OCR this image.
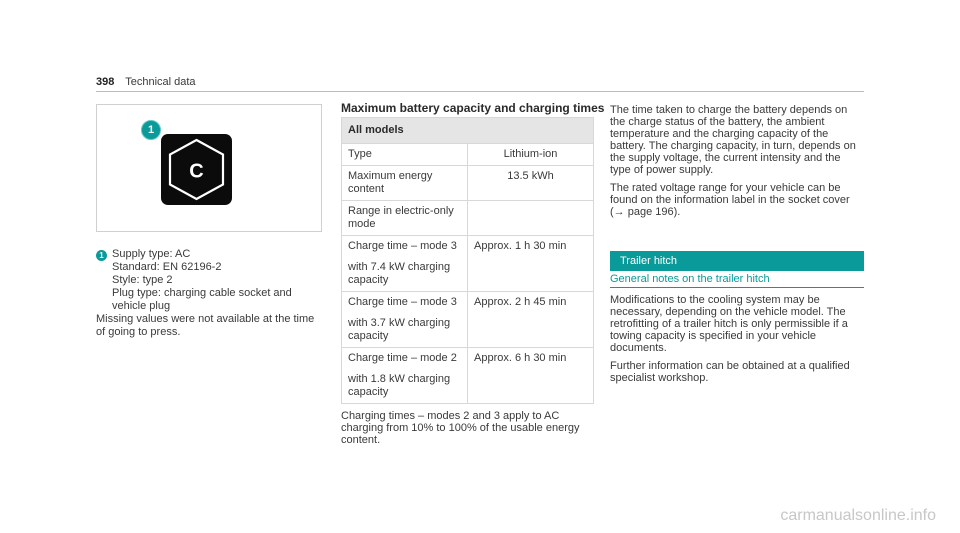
398 Technical data
1
C
1 Supply type: AC

Standard: EN 62196-2

Style: type 2

Plug type: charging cable socket and vehicle plug

Missing values were not available at the time of going to press.

Maximum battery capacity and charging times
All models	
Type	Lithium-ion
Maximum energy content	13.5 kWh
Range in electric-only mode	

Charge time – mode 3

with 7.4 kW charging capacity	Approx. 1 h 30 min

Charge time – mode 3

with 3.7 kW charging capacity	Approx. 2 h 45 min

Charge time – mode 2

with 1.8 kW charging capacity	Approx. 6 h 30 min

Charging times – modes 2 and 3 apply to AC charging from 10% to 100% of the usable energy content.

The time taken to charge the battery depends on the charge status of the battery, the ambient temperature and the charging capacity of the battery. The charging capacity, in turn, depends on the supply voltage, the current intensity and the type of power supply.

The rated voltage range for your vehicle can be found on the information label in the socket cover (→ page 196).

Trailer hitch
General notes on the trailer hitch

Modifications to the cooling system may be necessary, depending on the vehicle model. The retrofitting of a trailer hitch is only permissible if a towing capacity is specified in your vehicle documents.

Further information can be obtained at a qualified specialist workshop.

carmanualsonline.info
